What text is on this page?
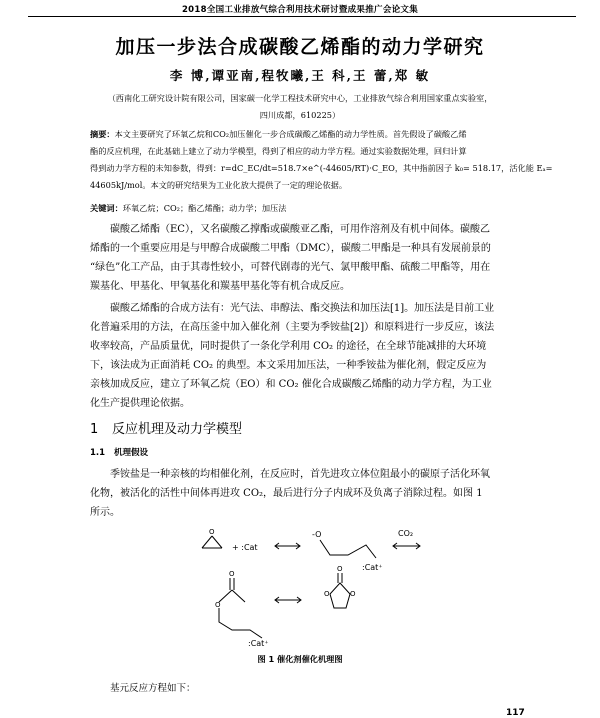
2018全国工业排放气综合利用技术研讨暨成果推广会论文集
加压一步法合成碳酸乙烯酯的动力学研究
李 博,谭亚南,程牧曦,王 科,王 蕾,郑 敏
（西南化工研究设计院有限公司，国家碳一化学工程技术研究中心，工业排放气综合利用国家重点实验室，
四川成都，610225）
摘要：本文主要研究了环氧乙烷和CO₂加压催化一步合成碳酸乙烯酯的动力学性质。首先假设了碳酸乙烯
酯的反应机理，在此基础上建立了动力学模型，得到了相应的动力学方程。通过实验数据处理，回归计算
得到动力学方程的未知参数，得到：r=dC_EC/dt=518.7×e^(-44605/RT)·C_EO，其中指前因子 k₀= 518.17，活化能 Eₐ=
44605kJ/mol。本文的研究结果为工业化放大提供了一定的理论依据。
关键词：环氧乙烷；CO₂；酯乙烯酯；动力学；加压法
碳酸乙烯酯（EC），又名碳酸乙撑酯或碳酸亚乙酯，可用作溶剂及有机中间体。碳酸乙
烯酯的一个重要应用是与甲醇合成碳酸二甲酯（DMC），碳酸二甲酯是一种具有发展前景的
“绿色”化工产品，由于其毒性较小，可替代剧毒的光气、氯甲酸甲酯、硫酸二甲酯等，用在
羰基化、甲基化、甲氧基化和羰基甲基化等有机合成反应。
碳酸乙烯酯的合成方法有：光气法、串醇法、酯交换法和加压法[1]。加压法是目前工业
化普遍采用的方法，在高压釜中加入催化剂（主要为季铵盐[2]）和原料进行一步反应，该法
收率较高，产品质量优，同时提供了一条化学利用 CO₂ 的途径，在全球节能减排的大环境
下，该法成为正面消耗 CO₂ 的典型。本文采用加压法，一种季铵盐为催化剂，假定反应为
亲核加成反应，建立了环氧乙烷（EO）和 CO₂ 催化合成碳酸乙烯酯的动力学方程，为工业
化生产提供理论依据。
1 反应机理及动力学模型
1.1 机理假设
季铵盐是一种亲核的均相催化剂，在反应时，首先进攻立体位阻最小的碳原子活化环氧
化物，被活化的活性中间体再进攻 CO₂，最后进行分子内成环及负离子消除过程。如图 1
所示。
+ :Cat
-O
:Cat⁺
CO₂
:Cat⁺
O
O
O
O	O
O
图 1 催化剂催化机理图
基元反应方程如下：
117
